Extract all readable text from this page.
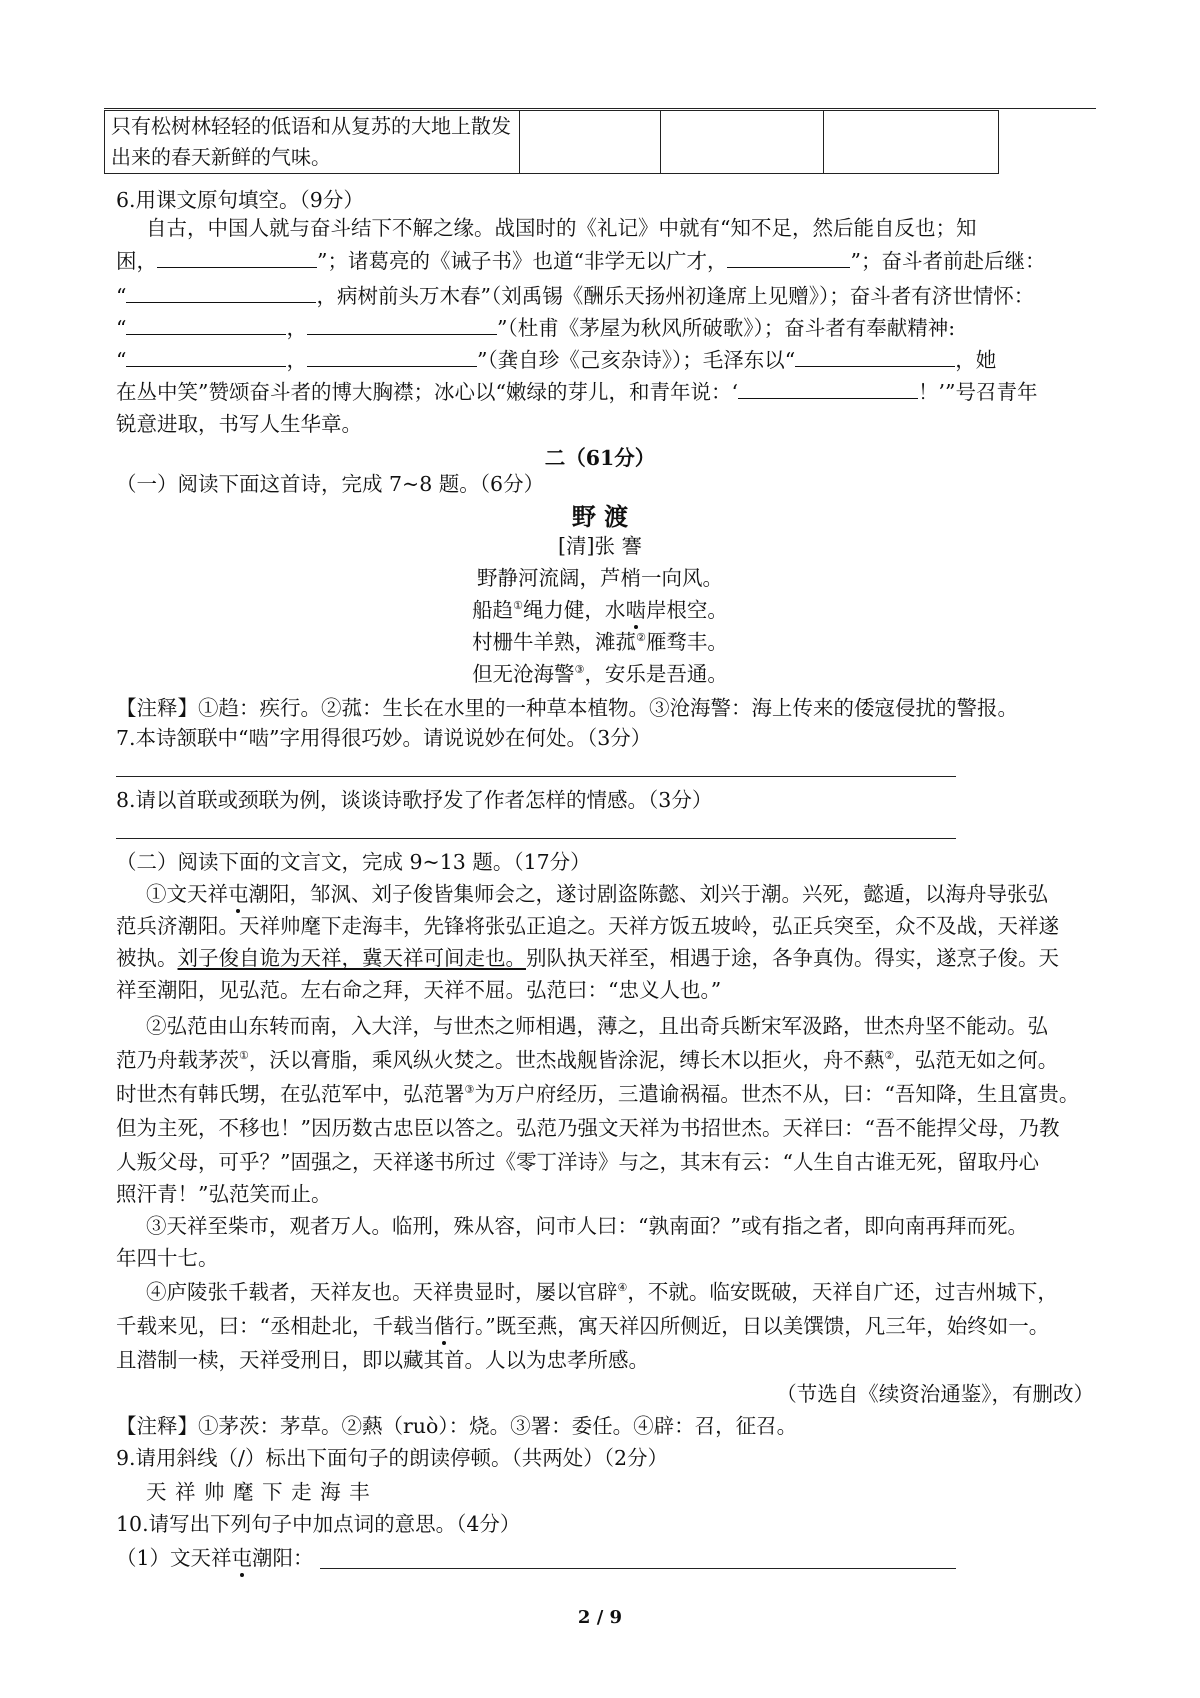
只有松树林轻轻的低语和从复苏的大地上散发出来的春天新鲜的气味。			
6.用课文原句填空。（9分）
自古，中国人就与奋斗结下不解之缘。战国时的《礼记》中就有“知不足，然后能自反也；知
困，	”；诸葛亮的《诫子书》也道“非学无以广才，	”；奋斗者前赴后继：
“	，病树前头万木春”（刘禹锡《酬乐天扬州初逢席上见赠》）；奋斗者有济世情怀：
“	，	”（杜甫《茅屋为秋风所破歌》）；奋斗者有奉献精神:
“	，	”（龚自珍《己亥杂诗》）；毛泽东以“	，她
在丛中笑”赞颂奋斗者的博大胸襟；冰心以“嫩绿的芽儿，和青年说：‘	！’”号召青年
锐意进取，书写人生华章。
二（61分）
（一）阅读下面这首诗，完成 7~8 题。（6分）
野 渡
[清]张 謇
野静河流阔，芦梢一向风。
船趋①绳力健，水啮岸根空。
村栅牛羊熟，滩菰②雁骛丰。
但无沧海警③，安乐是吾通。
【注释】①趋：疾行。②菰：生长在水里的一种草本植物。③沧海警：海上传来的倭寇侵扰的警报。
7.本诗颔联中“啮”字用得很巧妙。请说说妙在何处。（3分）
8.请以首联或颈联为例，谈谈诗歌抒发了作者怎样的情感。（3分）
（二）阅读下面的文言文，完成 9~13 题。（17分）
①文天祥屯潮阳，邹沨、刘子俊皆集师会之，遂讨剧盗陈懿、刘兴于潮。兴死，懿遁，以海舟导张弘
范兵济潮阳。天祥帅麾下走海丰，先锋将张弘正追之。天祥方饭五坡岭，弘正兵突至，众不及战，天祥遂
被执。刘子俊自诡为天祥，冀天祥可间走也。别队执天祥至，相遇于途，各争真伪。得实，遂烹子俊。天
祥至潮阳，见弘范。左右命之拜，天祥不屈。弘范曰：“忠义人也。”
②弘范由山东转而南，入大洋，与世杰之师相遇，薄之，且出奇兵断宋军汲路，世杰舟坚不能动。弘
范乃舟载茅茨①，沃以膏脂，乘风纵火焚之。世杰战舰皆涂泥，缚长木以拒火，舟不爇②，弘范无如之何。
时世杰有韩氏甥，在弘范军中，弘范署③为万户府经历，三遣谕祸福。世杰不从，曰：“吾知降，生且富贵。
但为主死，不移也！”因历数古忠臣以答之。弘范乃强文天祥为书招世杰。天祥曰：“吾不能捍父母，乃教
人叛父母，可乎？”固强之，天祥遂书所过《零丁洋诗》与之，其末有云：“人生自古谁无死，留取丹心
照汗青！”弘范笑而止。
③天祥至柴市，观者万人。临刑，殊从容，问市人曰：“孰南面？”或有指之者，即向南再拜而死。
年四十七。
④庐陵张千载者，天祥友也。天祥贵显时，屡以官辟④，不就。临安既破，天祥自广还，过吉州城下，
千载来见，曰：“丞相赴北，千载当偕行。”既至燕，寓天祥囚所侧近，日以美馔馈，凡三年，始终如一。
且潜制一椟，天祥受刑日，即以藏其首。人以为忠孝所感。
（节选自《续资治通鉴》，有删改）
【注释】①茅茨：茅草。②爇（ruò）：烧。③署：委任。④辟：召，征召。
9.请用斜线（/）标出下面句子的朗读停顿。（共两处）（2分）
天 祥 帅 麾 下 走 海 丰
10.请写出下列句子中加点词的意思。（4分）
（1）文天祥屯潮阳：
2 / 9
